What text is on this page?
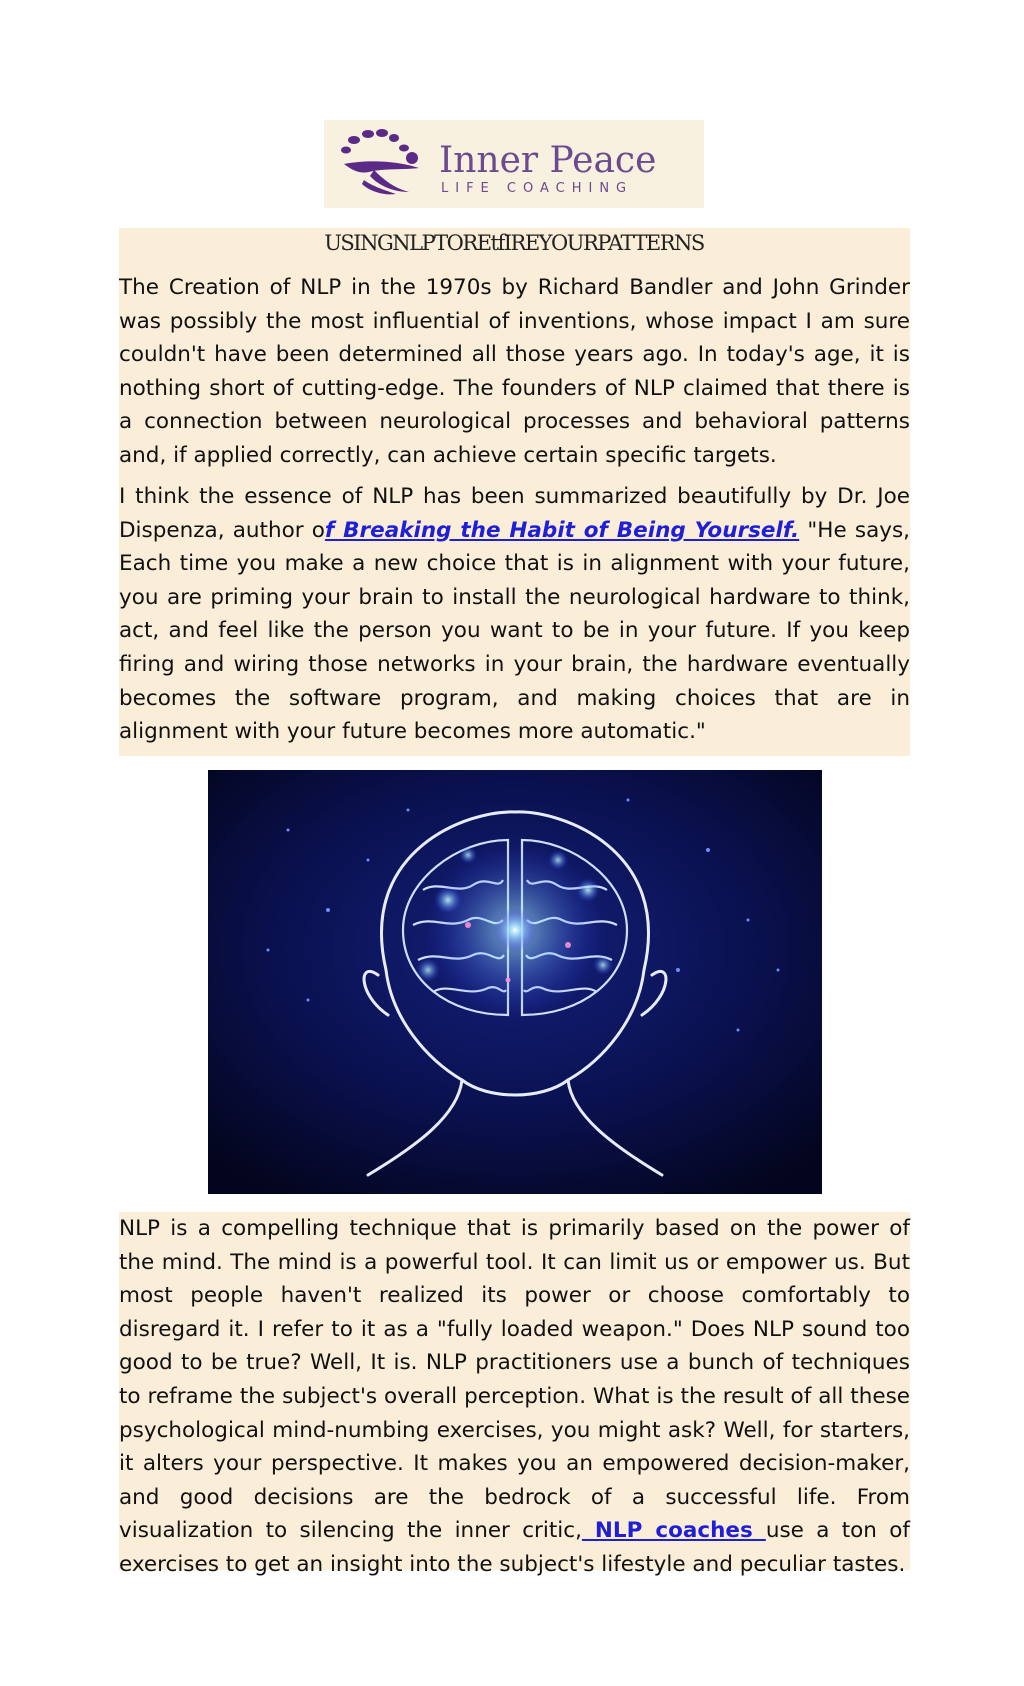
Inner Peace
LIFE COACHING
USINGNLPTOREtfIREYOURPATTERNS

The Creation of NLP in the 1970s by Richard Bandler and John Grinder was possibly the most influential of inventions, whose impact I am sure couldn't have been determined all those years ago. In today's age, it is nothing short of cutting-edge. The founders of NLP claimed that there is a connection between neurological processes and behavioral patterns and, if applied correctly, can achieve certain specific targets.

I think the essence of NLP has been summarized beautifully by Dr. Joe Dispenza, author of Breaking the Habit of Being Yourself. "He says, Each time you make a new choice that is in alignment with your future, you are priming your brain to install the neurological hardware to think, act, and feel like the person you want to be in your future. If you keep firing and wiring those networks in your brain, the hardware eventually becomes the software program, and making choices that are in alignment with your future becomes more automatic."

NLP is a compelling technique that is primarily based on the power of the mind. The mind is a powerful tool. It can limit us or empower us. But most people haven't realized its power or choose comfortably to disregard it. I refer to it as a "fully loaded weapon." Does NLP sound too good to be true? Well, It is. NLP practitioners use a bunch of techniques to reframe the subject's overall perception. What is the result of all these psychological mind-numbing exercises, you might ask? Well, for starters, it alters your perspective. It makes you an empowered decision-maker, and good decisions are the bedrock of a successful life. From visualization to silencing the inner critic, NLP coaches use a ton of exercises to get an insight into the subject's lifestyle and peculiar tastes.
